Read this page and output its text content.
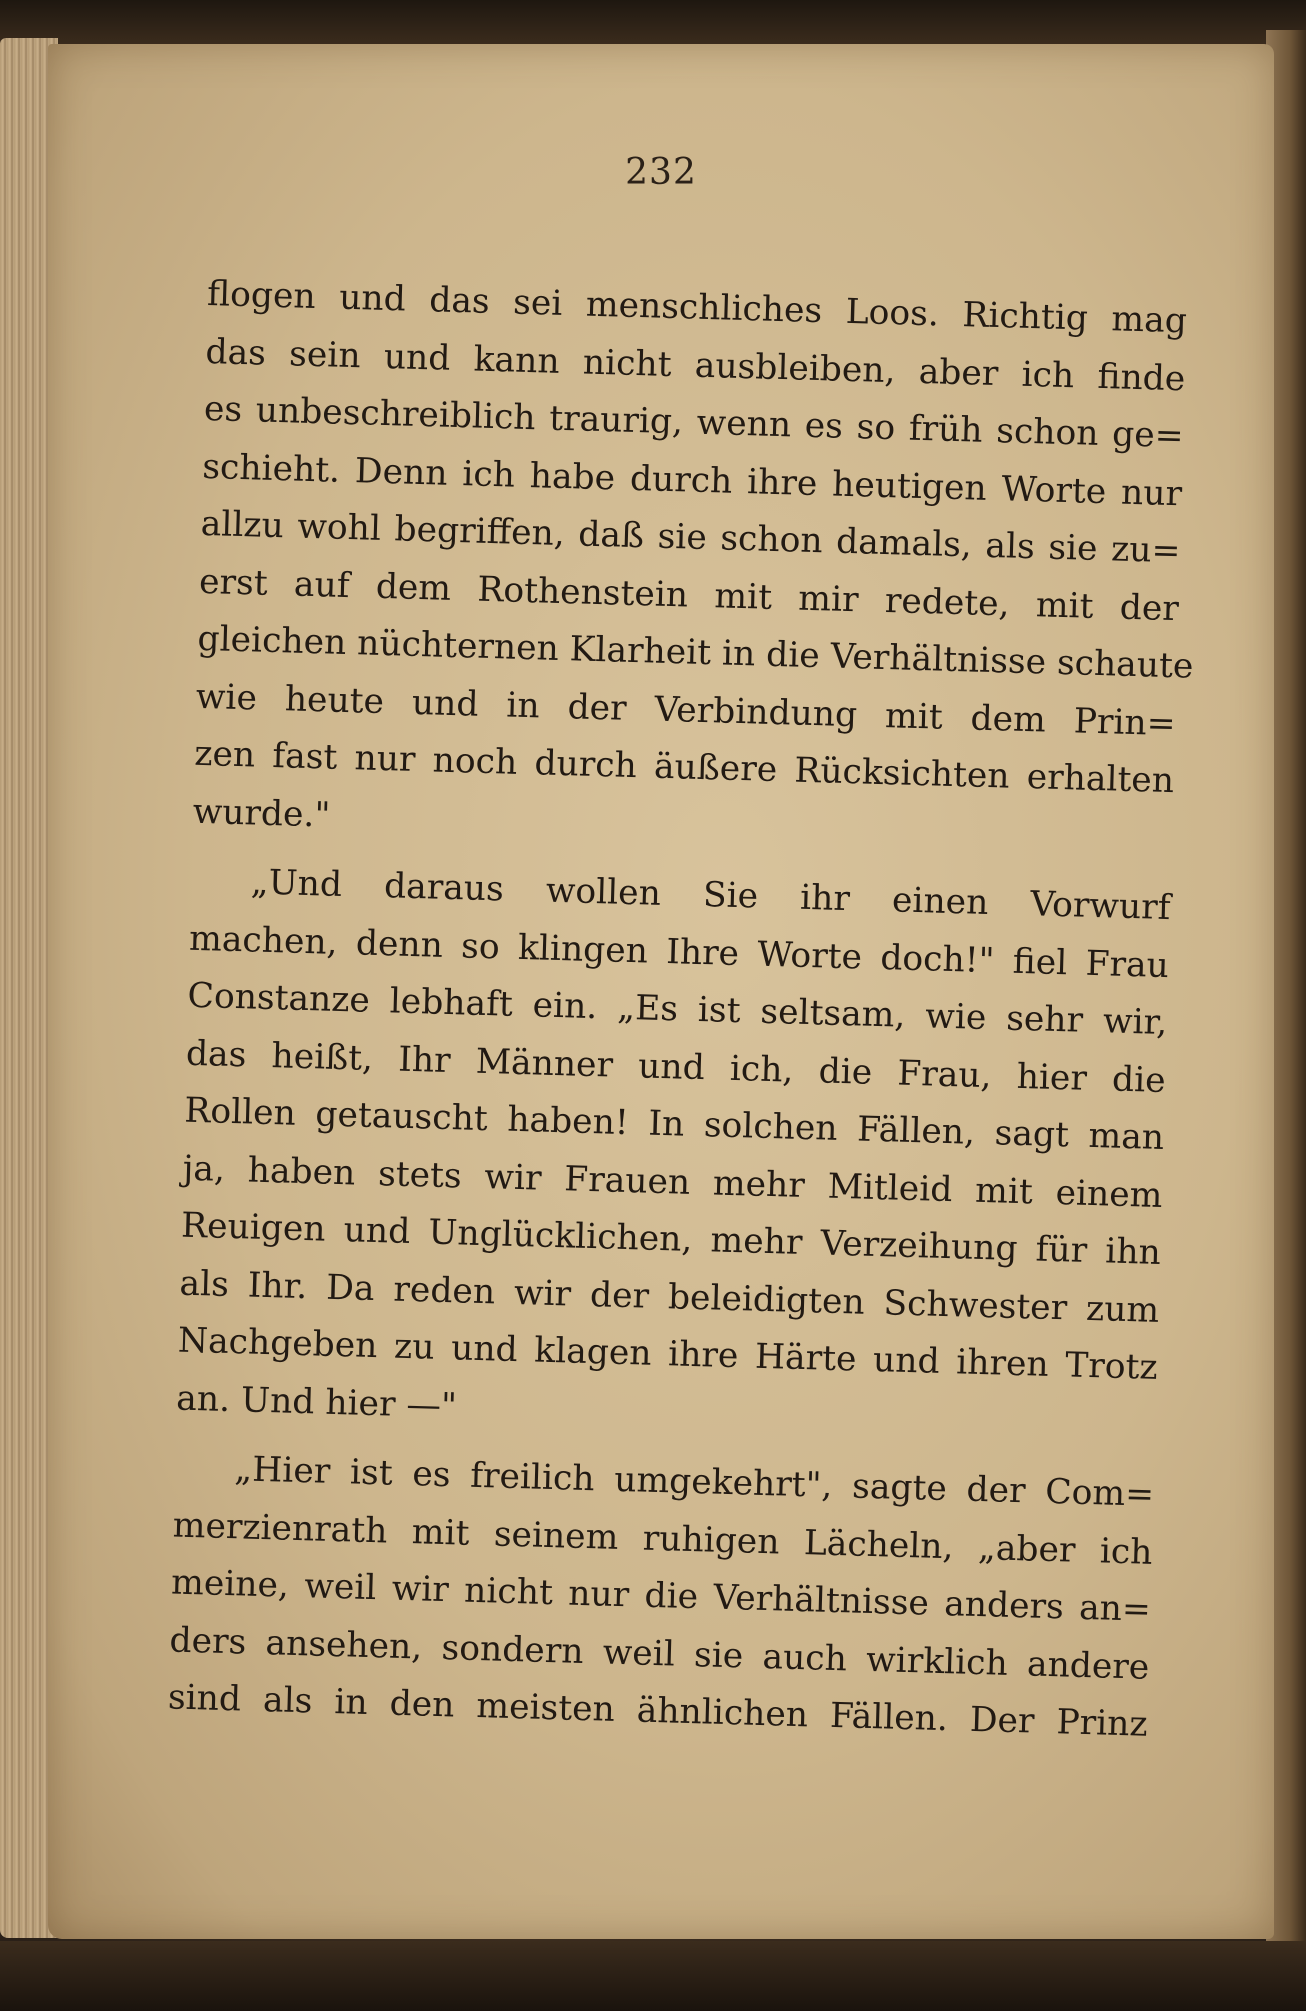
232
flogen und das sei menschliches Loos. Richtig mag
das sein und kann nicht ausbleiben, aber ich finde
es unbeschreiblich traurig, wenn es so früh schon ge=
schieht. Denn ich habe durch ihre heutigen Worte nur
allzu wohl begriffen, daß sie schon damals, als sie zu=
erst auf dem Rothenstein mit mir redete, mit der
gleichen nüchternen Klarheit in die Verhältnisse schaute
wie heute und in der Verbindung mit dem Prin=
zen fast nur noch durch äußere Rücksichten erhalten
wurde."
„Und daraus wollen Sie ihr einen Vorwurf
machen, denn so klingen Ihre Worte doch!" fiel Frau
Constanze lebhaft ein. „Es ist seltsam, wie sehr wir,
das heißt, Ihr Männer und ich, die Frau, hier die
Rollen getauscht haben! In solchen Fällen, sagt man
ja, haben stets wir Frauen mehr Mitleid mit einem
Reuigen und Unglücklichen, mehr Verzeihung für ihn
als Ihr. Da reden wir der beleidigten Schwester zum
Nachgeben zu und klagen ihre Härte und ihren Trotz
an. Und hier —"
„Hier ist es freilich umgekehrt", sagte der Com=
merzienrath mit seinem ruhigen Lächeln, „aber ich
meine, weil wir nicht nur die Verhältnisse anders an=
ders ansehen, sondern weil sie auch wirklich andere
sind als in den meisten ähnlichen Fällen. Der Prinz
